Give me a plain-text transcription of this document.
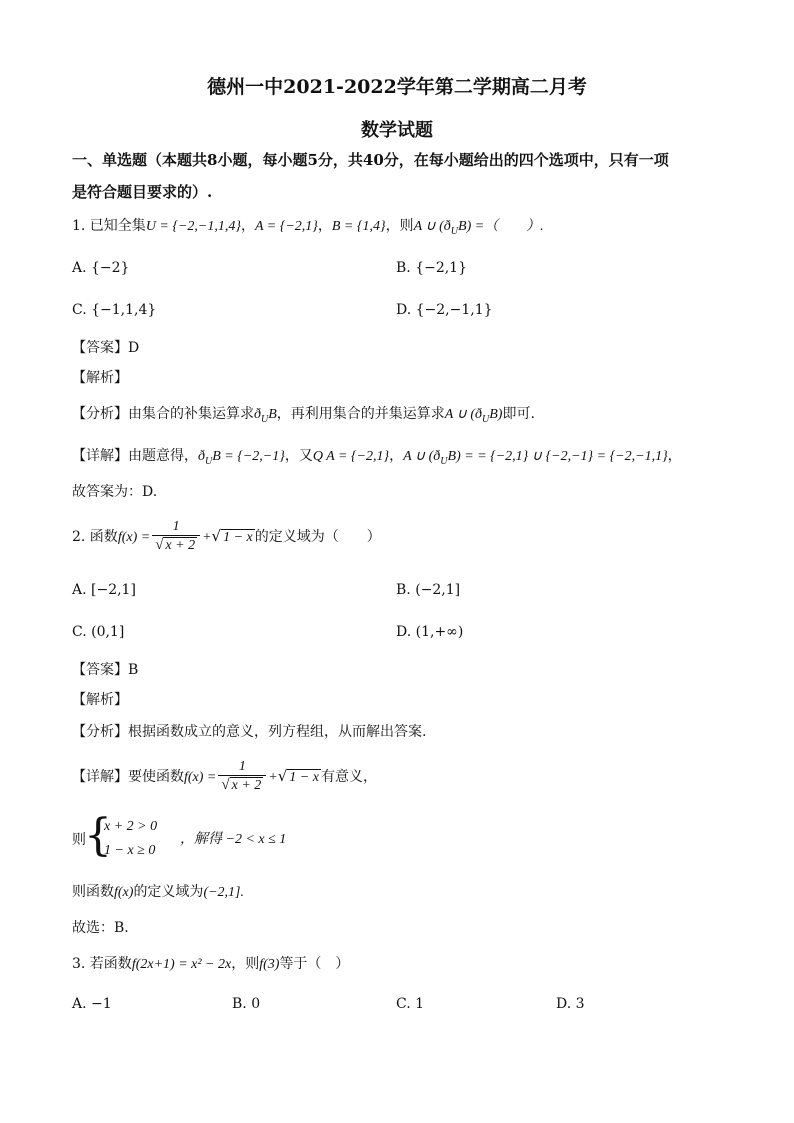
德州一中2021-2022学年第二学期高二月考
数学试题
一、单选题（本题共8小题，每小题5分，共40分，在每小题给出的四个选项中，只有一项
是符合题目要求的）.
1. 已知全集U = {−2,−1,1,4}，A = {−2,1}，B = {1,4}，则A ∪ $(ð_UB)$ =（　　）.
A. {−2}	B. {−2,1}
C. {−1,1,4}	D. {−2,−1,1}
【答案】D
【解析】
【分析】由集合的补集运算求$ð_UB$，再利用集合的并集运算求A ∪ $(ð_UB)$即可.
【详解】由题意得，$ð_UB = \{-2,-1\}$，又Q A = {−2,1}，A ∪ $(ð_UB)$ = = {−2,1} ∪ {−2,−1} = {−2,−1,1}，
故答案为：D.
2. 函数$f(x) = \frac{1}{√ x + 2}$ +√ 1 − x 的定义域为（　　）
A. [−2,1]	B. (−2,1]
C. (0,1]	D. (1,+∞)
【答案】B
【解析】
【分析】根据函数成立的意义，列方程组，从而解出答案.
【详解】要使函数$f(x) = \frac{1}{√ x + 2}$ +√ 1 − x 有意义，
则
{
x + 2 > 0
1 − x ≥ 0
，解得 −2 < x ≤ 1
则函数f(x)的定义域为(−2,1].
故选：B.
3. 若函数f(2x+1) = x² − 2x，则f(3)等于（　）
A. −1	B. 0	C. 1	D. 3
